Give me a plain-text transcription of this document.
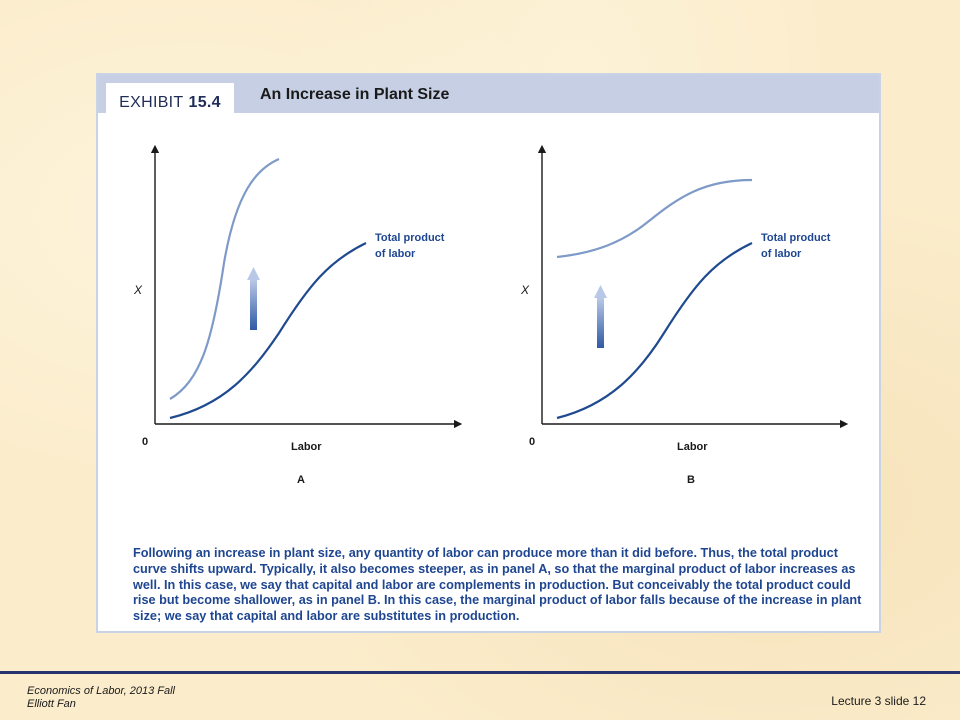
EXHIBIT 15.4 An Increase in Plant Size
X
0	Labor
A
Total product
of labor
X
0	Labor
B
Total product
of labor

Following an increase in plant size, any quantity of labor can produce more than it did before. Thus, the total product curve shifts upward. Typically, it also becomes steeper, as in panel A, so that the marginal product of labor increases as well. In this case, we say that capital and labor are complements in production. But conceivably the total product could rise but become shallower, as in panel B. In this case, the marginal product of labor falls because of the increase in plant size; we say that capital and labor are substitutes in production.

Economics of Labor, 2013 Fall
Elliott Fan	Lecture 3 slide 12
